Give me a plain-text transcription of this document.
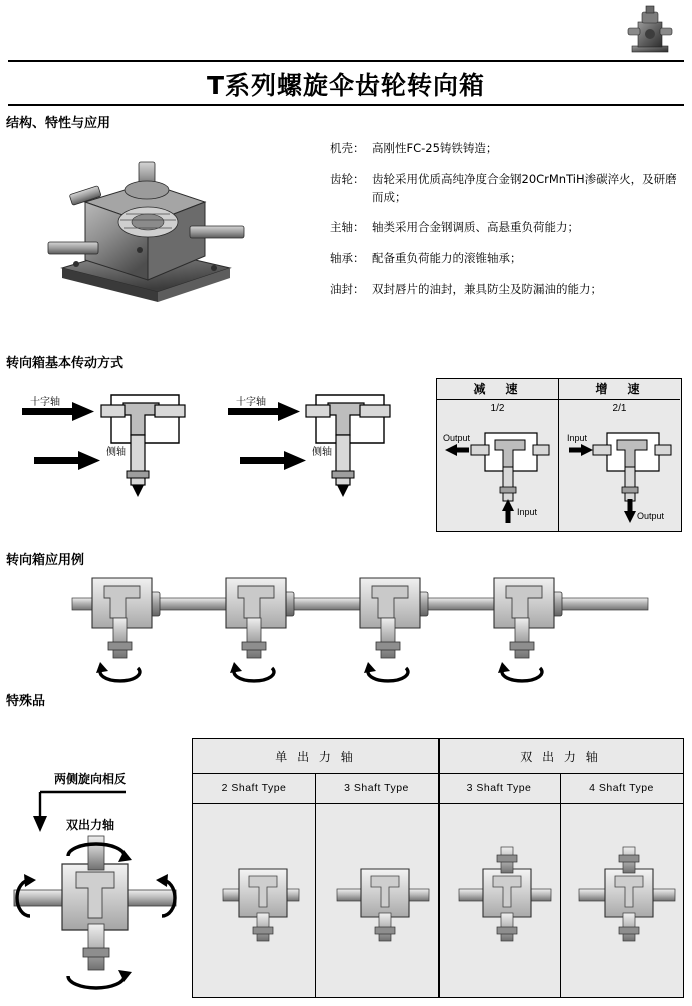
T系列螺旋伞齿轮转向箱
结构、特性与应用
机壳： 高刚性FC-25铸铁铸造；
齿轮： 齿轮采用优质高纯净度合金钢20CrMnTiH渗碳淬火，及研磨而成；
主轴： 轴类采用合金钢调质、高悬重负荷能力；
轴承： 配备重负荷能力的滚锥轴承；
油封： 双封唇片的油封，兼具防尘及防漏油的能力；
转向箱基本传动方式
十字轴	十字轴
侧轴	侧轴
减　速
1/2
Output
Input
增　速
2/1
Input
Output
转向箱应用例
特殊品
两侧旋向相反
双出力轴
单 出 力 轴	双 出 力 轴
2 Shaft Type	3 Shaft Type	3 Shaft Type	4 Shaft Type
